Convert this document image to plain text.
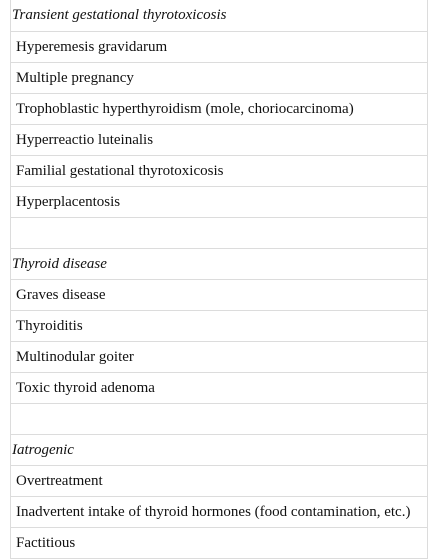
Transient gestational thyrotoxicosis
Hyperemesis gravidarum
Multiple pregnancy
Trophoblastic hyperthyroidism (mole, choriocarcinoma)
Hyperreactio luteinalis
Familial gestational thyrotoxicosis
Hyperplacentosis
Thyroid disease
Graves disease
Thyroiditis
Multinodular goiter
Toxic thyroid adenoma
Iatrogenic
Overtreatment
Inadvertent intake of thyroid hormones (food contamination, etc.)
Factitious
